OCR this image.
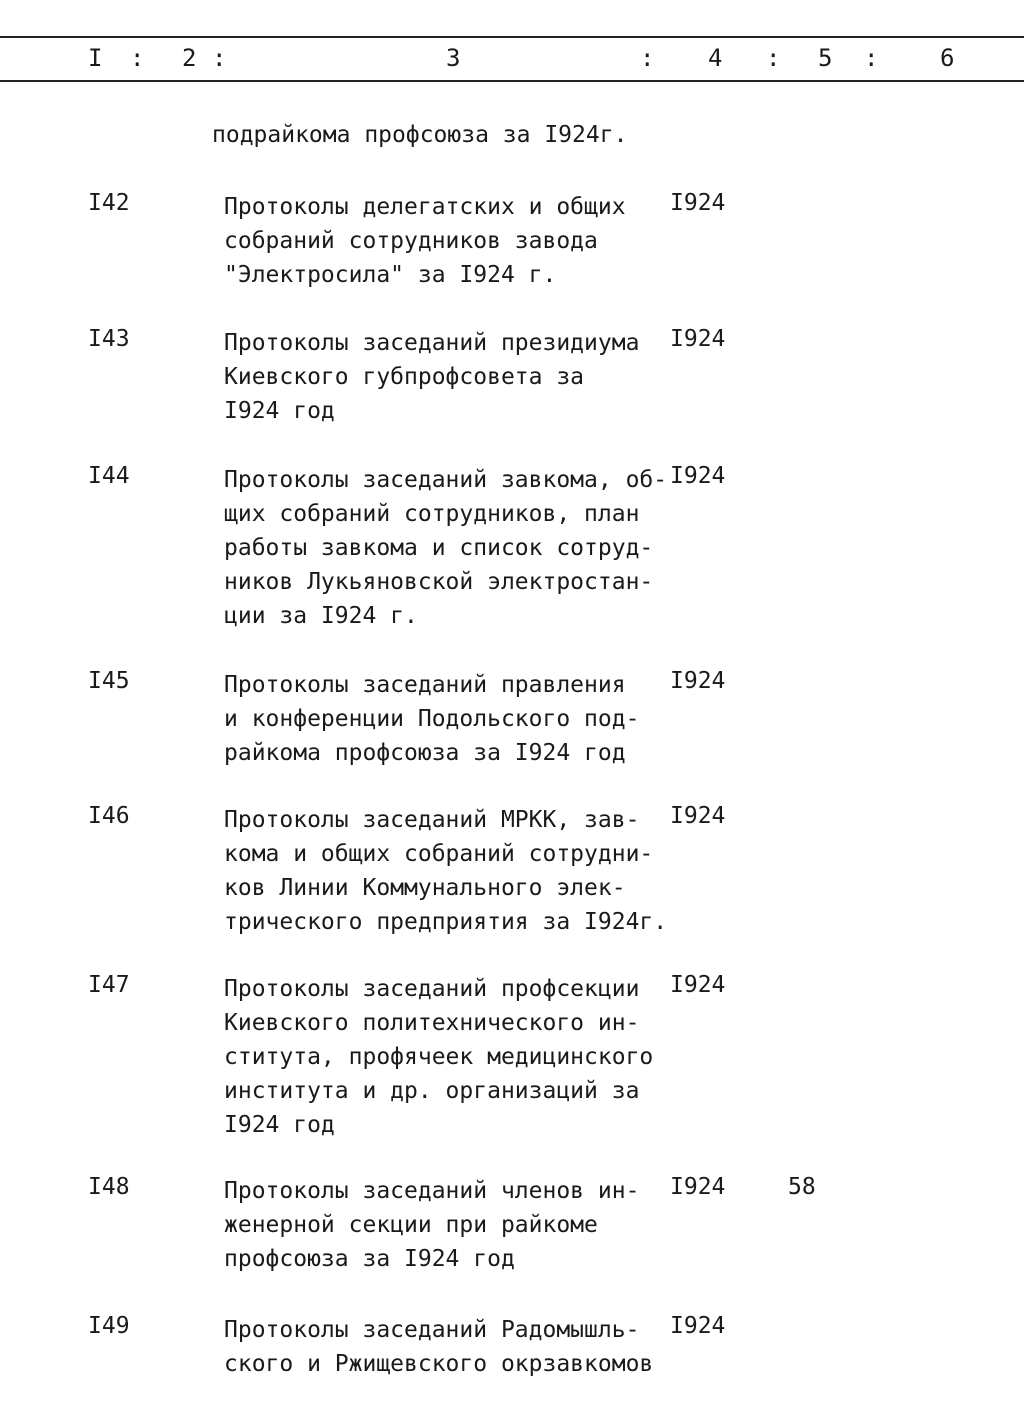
I : 2 :	3	: 4 : 5 :	6
подрайкома профсоюза за I924г.
I42	Протоколы делегатских и общих
собраний сотрудников завода
"Электросила" за I924 г.
I924
I43	Протоколы заседаний президиума
Киевского губпрофсовета за
I924 год
I924
I44	Протоколы заседаний завкома, об-
щих собраний сотрудников, план
работы завкома и список сотруд-
ников Лукьяновской электростан-
ции за I924 г.
I924
I45	Протоколы заседаний правления
и конференции Подольского под-
райкома профсоюза за I924 год
I924
I46	Протоколы заседаний МРКК, зав-
кома и общих собраний сотрудни-
ков Линии Коммунального элек-
трического предприятия за I924г.
I924
I47	Протоколы заседаний профсекции
Киевского политехнического ин-
ститута, профячеек медицинского
института и др. организаций за
I924 год
I924
I48	Протоколы заседаний членов ин-
женерной секции при райкоме
профсоюза за I924 год
I924	58
I49	Протоколы заседаний Радомышль-
ского и Ржищевского окрзавкомов
I924
